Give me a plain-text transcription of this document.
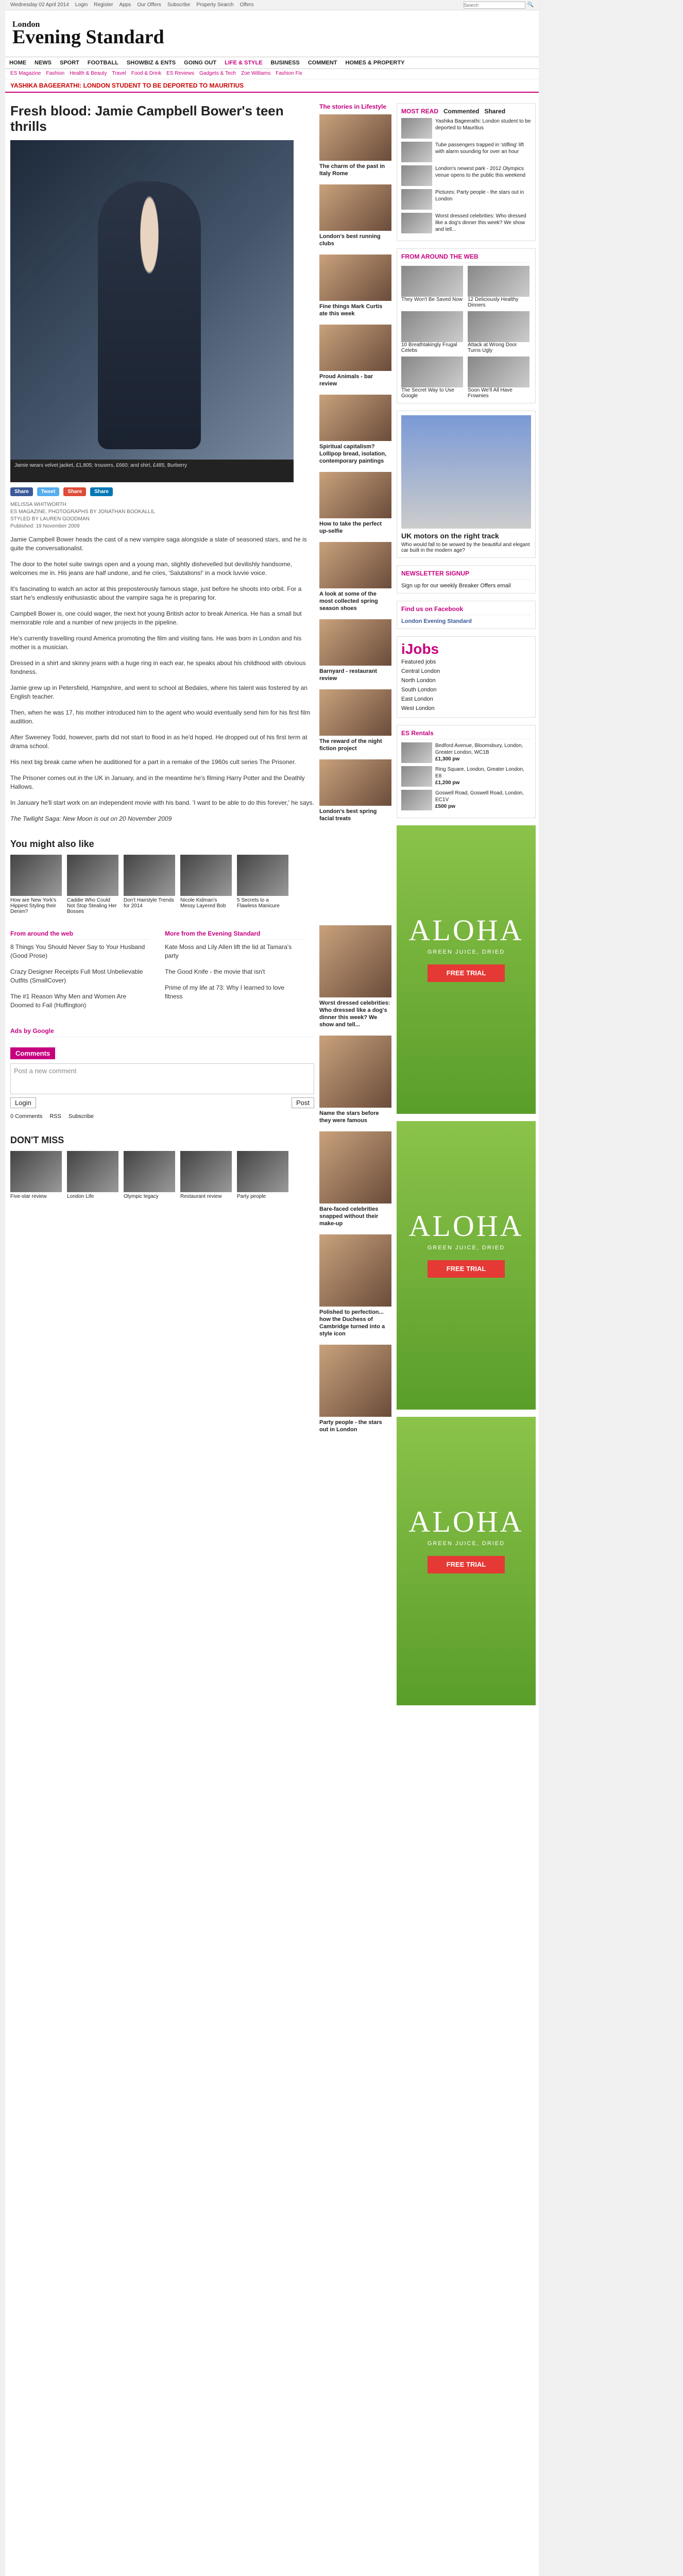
Wednesday 02 April 2014 Login Register Apps Our Offers Subscribe Property Search Offers
Search	🔍
London
Evening Standard
HOME	NEWS	SPORT	FOOTBALL	SHOWBIZ & ENTS	GOING OUT	LIFE & STYLE	BUSINESS	COMMENT	HOMES & PROPERTY
ES Magazine Fashion Health & Beauty Travel Food & Drink ES Reviews Gadgets & Tech Zoe Williams Fashion Fix
YASHIKA BAGEERATHI: LONDON STUDENT TO BE DEPORTED TO MAURITIUS
Fresh blood: Jamie Campbell Bower's teen thrills
Jamie wears velvet jacket, £1,805; trousers, £660; and shirt, £485, Burberry
Share	Tweet	Share	Share
MELISSA WHITWORTH
ES MAGAZINE, PHOTOGRAPHS BY JONATHAN BOOKALLIL
STYLED BY LAUREN GOODMAN
Published: 19 November 2009

Jamie Campbell Bower heads the cast of a new vampire saga alongside a slate of seasoned stars, and he is quite the conversationalist.

The door to the hotel suite swings open and a young man, slightly dishevelled but devilishly handsome, welcomes me in. His jeans are half undone, and he cries, 'Salutations!' in a mock luvvie voice.

It's fascinating to watch an actor at this preposterously famous stage, just before he shoots into orbit. For a start he's endlessly enthusiastic about the vampire saga he is preparing for.

Campbell Bower is, one could wager, the next hot young British actor to break America. He has a small but memorable role and a number of new projects in the pipeline.

He's currently travelling round America promoting the film and visiting fans. He was born in London and his mother is a musician.

Dressed in a shirt and skinny jeans with a huge ring in each ear, he speaks about his childhood with obvious fondness.

Jamie grew up in Petersfield, Hampshire, and went to school at Bedales, where his talent was fostered by an English teacher.

Then, when he was 17, his mother introduced him to the agent who would eventually send him for his first film audition.

After Sweeney Todd, however, parts did not start to flood in as he'd hoped. He dropped out of his first term at drama school.

His next big break came when he auditioned for a part in a remake of the 1960s cult series The Prisoner.

The Prisoner comes out in the UK in January, and in the meantime he's filming Harry Potter and the Deathly Hallows.

In January he'll start work on an independent movie with his band. 'I want to be able to do this forever,' he says.

The Twilight Saga: New Moon is out on 20 November 2009

You might also like
How are New York's Hippest Styling their Denim?
Caddie Who Could Not Stop Stealing Her Bosses
Don't Hairstyle Trends for 2014
Nicole Kidman's Messy Layered Bob
5 Secrets to a Flawless Manicure
From around the web
8 Things You Should Never Say to Your Husband (Good Prose)
Crazy Designer Receipts Full Most Unbelievable Outfits (SmallCover)
The #1 Reason Why Men and Women Are Doomed to Fail (Huffington)
More from the Evening Standard
Kate Moss and Lily Allen lift the lid at Tamara's party
The Good Knife - the movie that isn't
Prime of my life at 73: Why I learned to love fitness
Ads by Google
Comments
Post a new comment
Login	Post
0 Comments RSS Subscribe
DON'T MISS
Five-star review	London Life	Olympic legacy	Restaurant review	Party people
The stories in Lifestyle
The charm of the past in Italy Rome
London's best running clubs
Fine things Mark Curtis ate this week
Proud Animals - bar review
Spiritual capitalism? Lollipop bread, isolation, contemporary paintings
How to take the perfect up-selfie
A look at some of the most collected spring season shoes
Barnyard - restaurant review
The reward of the night fiction project
London's best spring facial treats
Worst dressed celebrities: Who dressed like a dog's dinner this week? We show and tell...
Name the stars before they were famous
Bare-faced celebrities snapped without their make-up
Polished to perfection... how the Duchess of Cambridge turned into a style icon
Party people - the stars out in London
MOST READ Commented Shared
Yashika Bageerathi: London student to be deported to Mauritius
Tube passengers trapped in 'stifling' lift with alarm sounding for over an hour
London's newest park - 2012 Olympics venue opens to the public this weekend
Pictures: Party people - the stars out in London
Worst dressed celebrities: Who dressed like a dog's dinner this week? We show and tell...
FROM AROUND THE WEB
They Won't Be Saved Now 12 Deliciously Healthy Dinners
10 Breathtakingly Frugal Celebs
Attack at Wrong Door Turns Ugly
The Secret Way to Use Google
Soon We'll All Have Frownies
UK motors on the right track
Who would fall to be wowed by the beautiful and elegant car built in the modern age?
NEWSLETTER SIGNUP
Sign up for our weekly Breaker Offers email
Find us on Facebook
London Evening Standard
iJobs
Featured jobs
Central London
North London
South London
East London
West London
ES Rentals
Bedford Avenue, Bloomsbury, London, Greater London, WC1B
£1,300 pw
Ring Square, London, Greater London, E8
£1,200 pw
Goswell Road, Goswell Road, London, EC1V
£500 pw
ALOHA
GREEN JUICE, DRIED
FREE TRIAL
ALOHA
GREEN JUICE, DRIED
FREE TRIAL
ALOHA
GREEN JUICE, DRIED
FREE TRIAL
